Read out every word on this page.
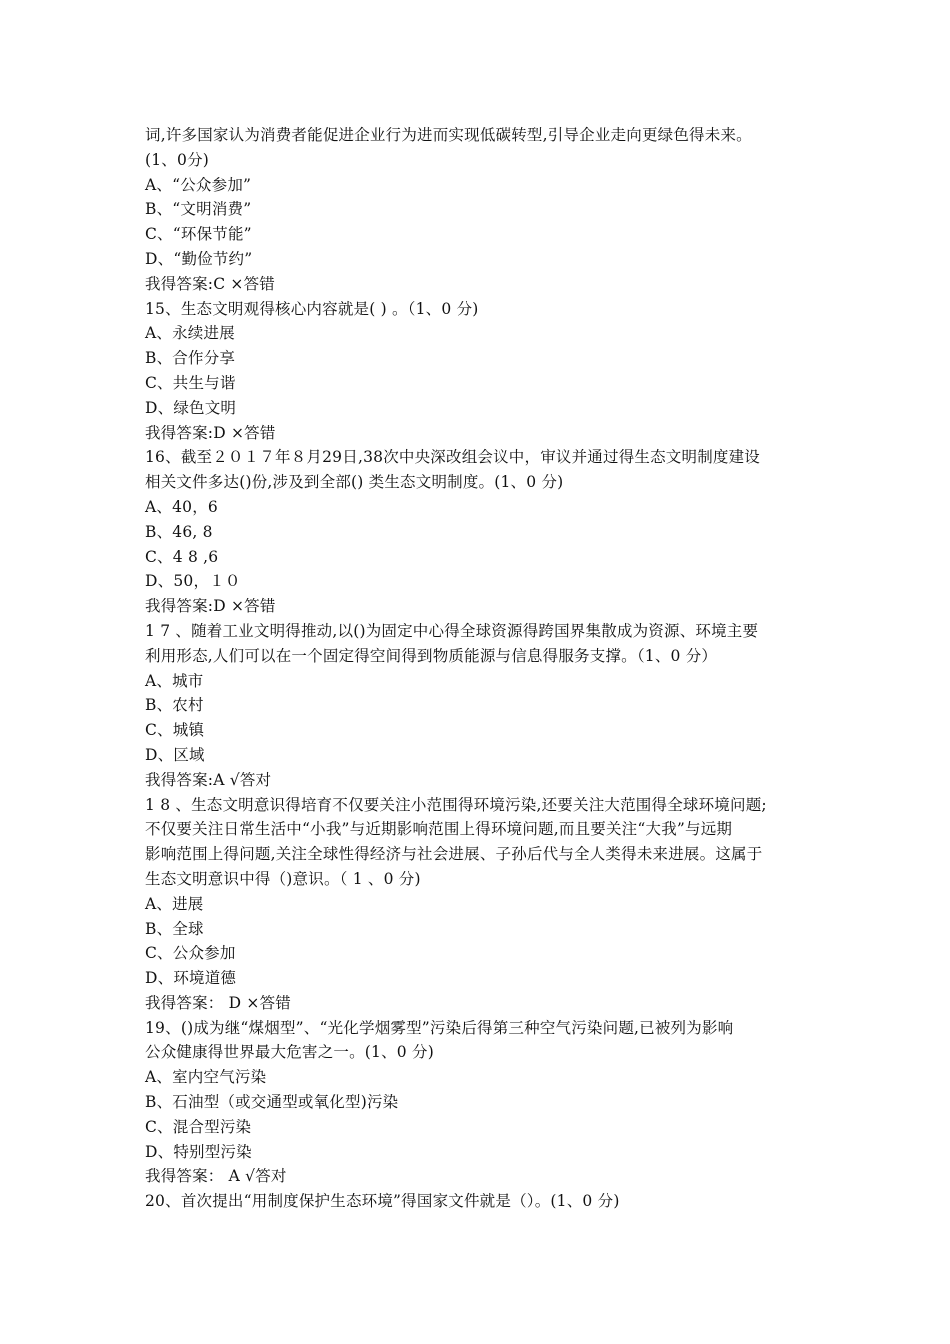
词,许多国家认为消费者能促进企业行为进而实现低碳转型,引导企业走向更绿色得未来。
(1、0分)
A、“公众参加”
B、“文明消费”
C、“环保节能”
D、“勤俭节约”
我得答案:C ×答错
15、生态文明观得核心内容就是( ) 。（1、0 分)
A、永续进展
B、合作分享
C、共生与谐
D、绿色文明
我得答案:D ×答错
16、截至２０１７年８月29日,38次中央深改组会议中，审议并通过得生态文明制度建设
相关文件多达()份,涉及到全部() 类生态文明制度。(1、0 分)
A、40，6
B、46, 8
C、4 8 ,6
D、50，１０
我得答案:D ×答错
1 7 、随着工业文明得推动,以()为固定中心得全球资源得跨国界集散成为资源、环境主要
利用形态,人们可以在一个固定得空间得到物质能源与信息得服务支撑。（1、0 分）
A、城市
B、农村
C、城镇
D、区域
我得答案:A √答对
1 8 、生态文明意识得培育不仅要关注小范围得环境污染,还要关注大范围得全球环境问题;
不仅要关注日常生活中“小我”与近期影响范围上得环境问题,而且要关注“大我”与远期
影响范围上得问题,关注全球性得经济与社会进展、子孙后代与全人类得未来进展。这属于
生态文明意识中得（)意识。（ 1 、0 分)
A、进展
B、全球
C、公众参加
D、环境道德
我得答案： D ×答错
19、()成为继“煤烟型”、“光化学烟雾型”污染后得第三种空气污染问题,已被列为影响
公众健康得世界最大危害之一。(1、0 分)
A、室内空气污染
B、石油型（或交通型或氧化型)污染
C、混合型污染
D、特别型污染
我得答案： A √答对
20、首次提出“用制度保护生态环境”得国家文件就是（）。(1、0 分)
